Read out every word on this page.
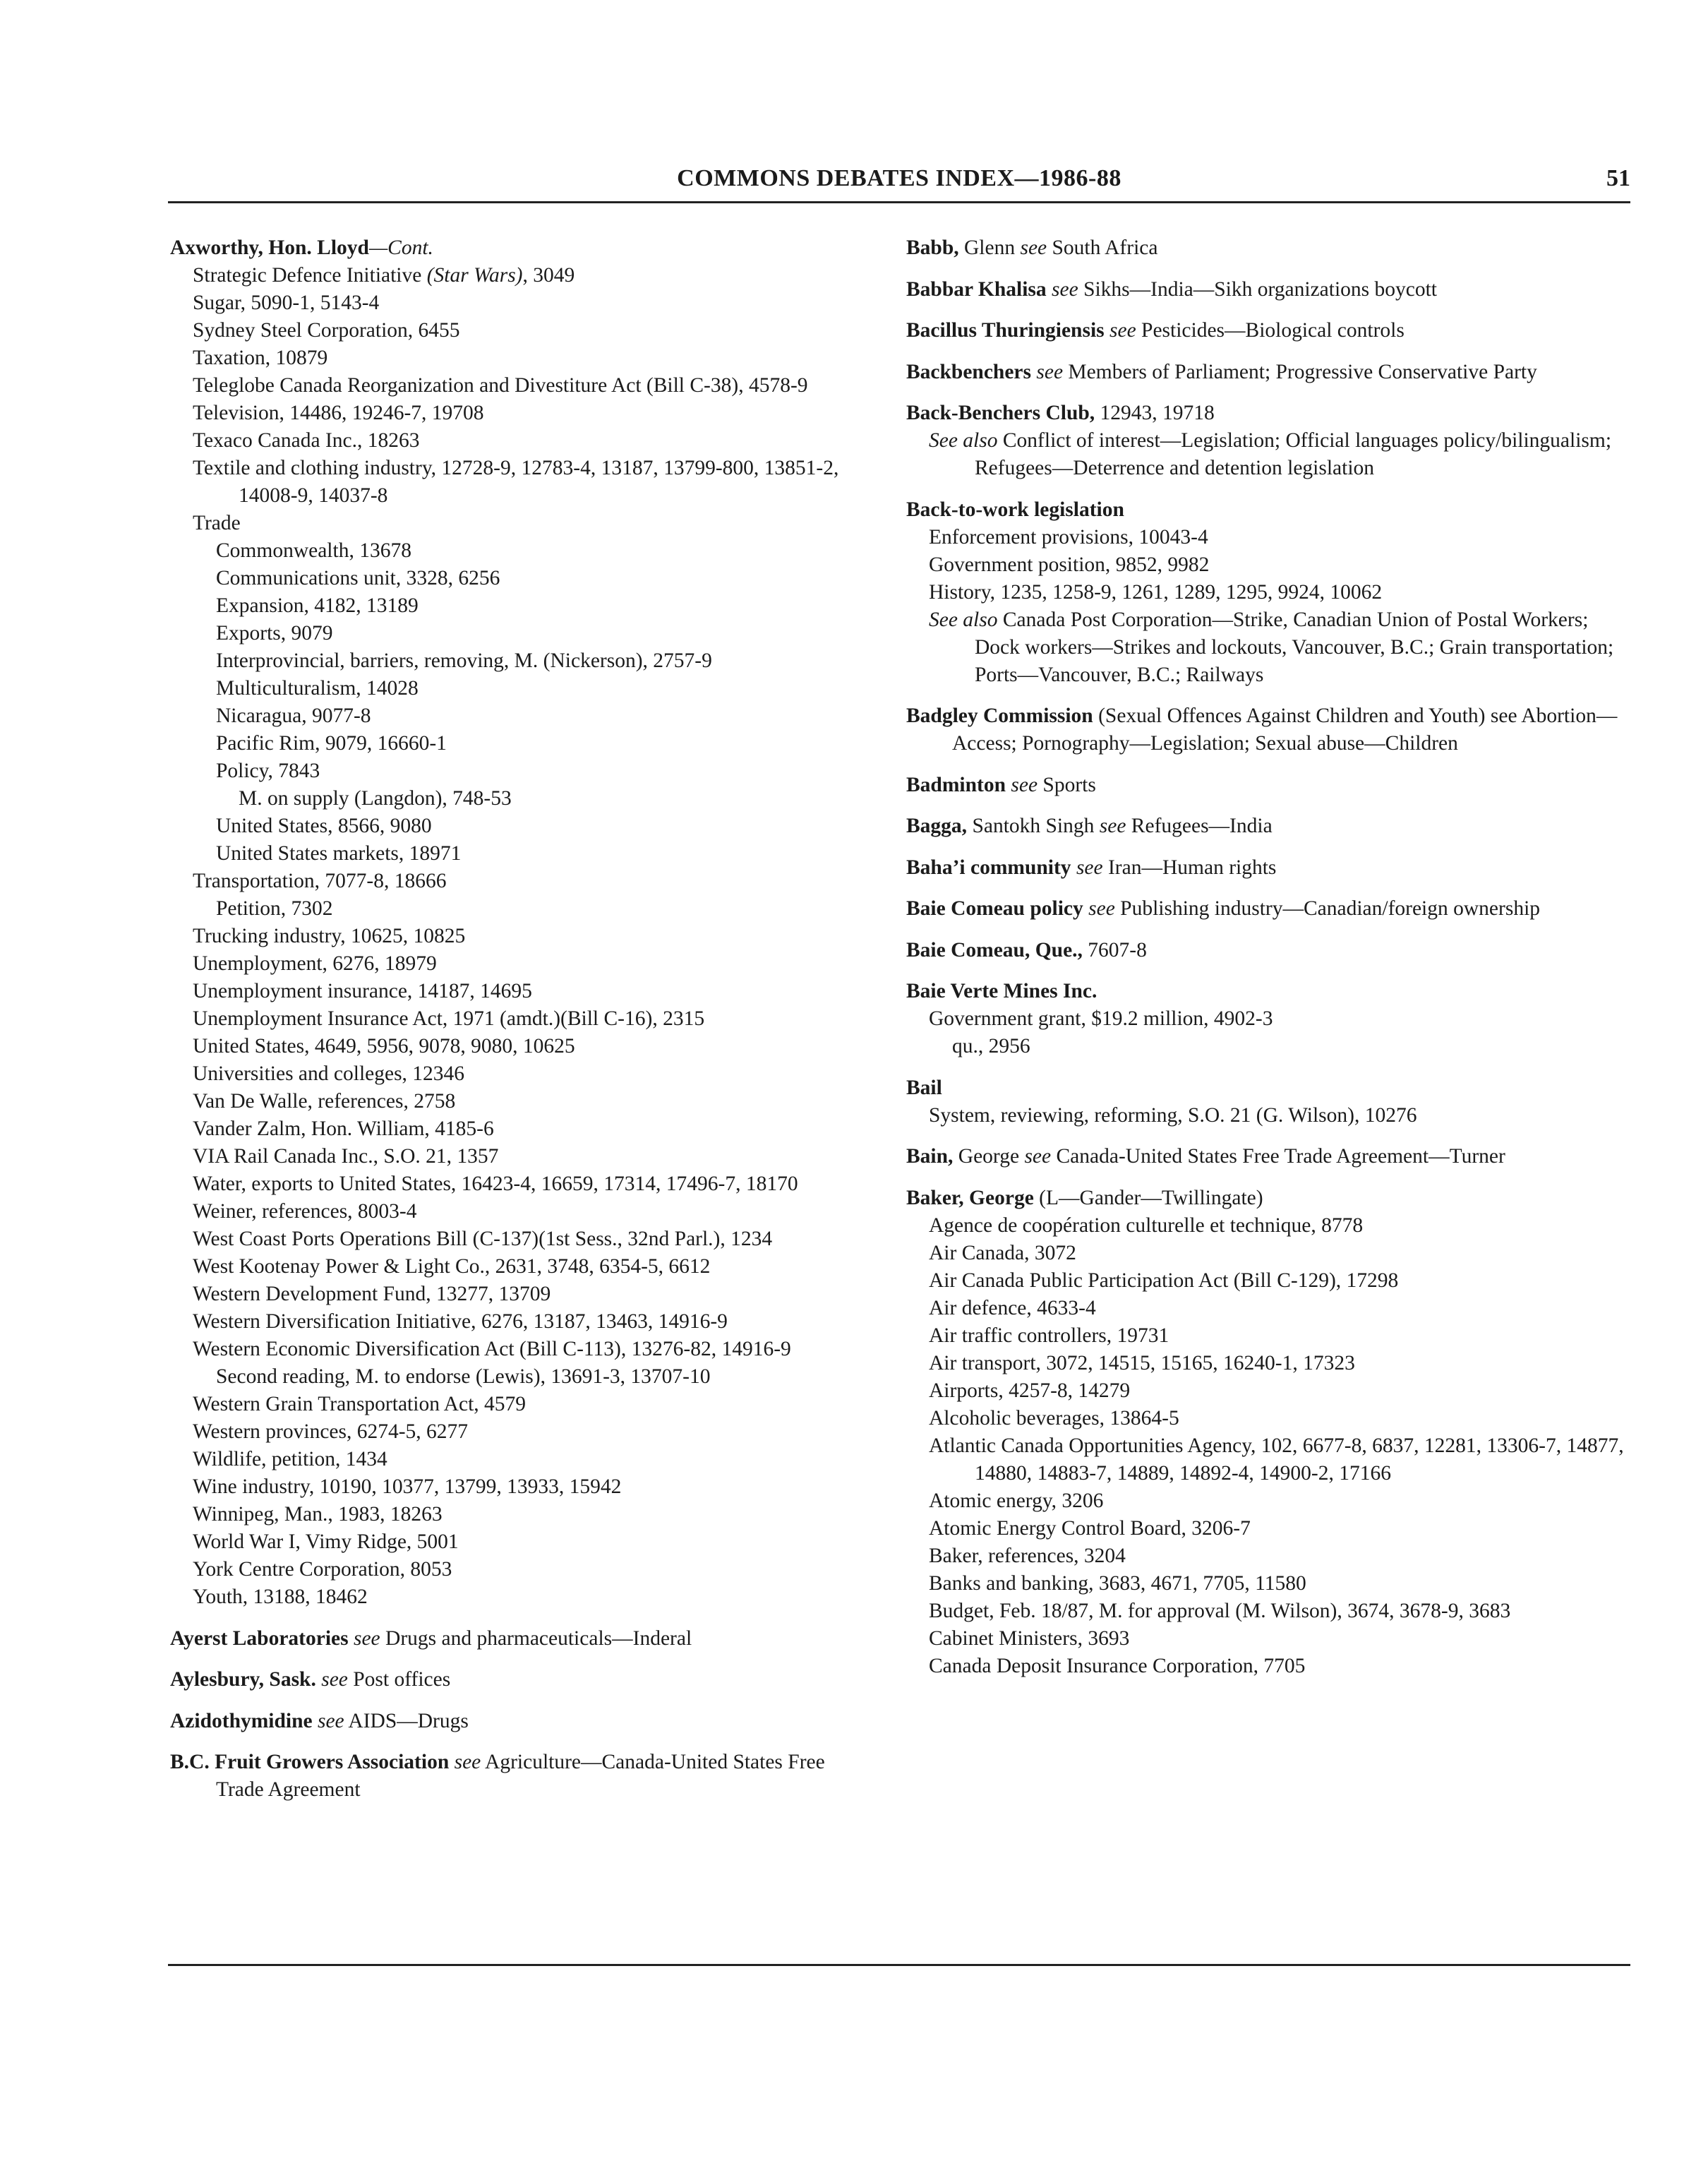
COMMONS DEBATES INDEX—1986-88	51
Axworthy, Hon. Lloyd—Cont.
Strategic Defence Initiative (Star Wars), 3049
Sugar, 5090-1, 5143-4
Sydney Steel Corporation, 6455
Taxation, 10879
Teleglobe Canada Reorganization and Divestiture Act (Bill C-38), 4578-9
Television, 14486, 19246-7, 19708
Texaco Canada Inc., 18263
Textile and clothing industry, 12728-9, 12783-4, 13187, 13799-800, 13851-2, 14008-9, 14037-8
Trade
Commonwealth, 13678
Communications unit, 3328, 6256
Expansion, 4182, 13189
Exports, 9079
Interprovincial, barriers, removing, M. (Nickerson), 2757-9
Multiculturalism, 14028
Nicaragua, 9077-8
Pacific Rim, 9079, 16660-1
Policy, 7843
M. on supply (Langdon), 748-53
United States, 8566, 9080
United States markets, 18971
Transportation, 7077-8, 18666
Petition, 7302
Trucking industry, 10625, 10825
Unemployment, 6276, 18979
Unemployment insurance, 14187, 14695
Unemployment Insurance Act, 1971 (amdt.)(Bill C-16), 2315
United States, 4649, 5956, 9078, 9080, 10625
Universities and colleges, 12346
Van De Walle, references, 2758
Vander Zalm, Hon. William, 4185-6
VIA Rail Canada Inc., S.O. 21, 1357
Water, exports to United States, 16423-4, 16659, 17314, 17496-7, 18170
Weiner, references, 8003-4
West Coast Ports Operations Bill (C-137)(1st Sess., 32nd Parl.), 1234
West Kootenay Power & Light Co., 2631, 3748, 6354-5, 6612
Western Development Fund, 13277, 13709
Western Diversification Initiative, 6276, 13187, 13463, 14916-9
Western Economic Diversification Act (Bill C-113), 13276-82, 14916-9
Second reading, M. to endorse (Lewis), 13691-3, 13707-10
Western Grain Transportation Act, 4579
Western provinces, 6274-5, 6277
Wildlife, petition, 1434
Wine industry, 10190, 10377, 13799, 13933, 15942
Winnipeg, Man., 1983, 18263
World War I, Vimy Ridge, 5001
York Centre Corporation, 8053
Youth, 13188, 18462
Ayerst Laboratories see Drugs and pharmaceuticals—Inderal
Aylesbury, Sask. see Post offices
Azidothymidine see AIDS—Drugs
B.C. Fruit Growers Association see Agriculture—Canada-United States Free Trade Agreement
Babb, Glenn see South Africa
Babbar Khalisa see Sikhs—India—Sikh organizations boycott
Bacillus Thuringiensis see Pesticides—Biological controls
Backbenchers see Members of Parliament; Progressive Conservative Party
Back-Benchers Club, 12943, 19718
See also Conflict of interest—Legislation; Official languages policy/bilingualism; Refugees—Deterrence and detention legislation
Back-to-work legislation
Enforcement provisions, 10043-4
Government position, 9852, 9982
History, 1235, 1258-9, 1261, 1289, 1295, 9924, 10062
See also Canada Post Corporation—Strike, Canadian Union of Postal Workers; Dock workers—Strikes and lockouts, Vancouver, B.C.; Grain transportation; Ports—Vancouver, B.C.; Railways
Badgley Commission (Sexual Offences Against Children and Youth) see Abortion—Access; Pornography—Legislation; Sexual abuse—Children
Badminton see Sports
Bagga, Santokh Singh see Refugees—India
Baha’i community see Iran—Human rights
Baie Comeau policy see Publishing industry—Canadian/foreign ownership
Baie Comeau, Que., 7607-8
Baie Verte Mines Inc.
Government grant, $19.2 million, 4902-3
qu., 2956
Bail
System, reviewing, reforming, S.O. 21 (G. Wilson), 10276
Bain, George see Canada-United States Free Trade Agreement—Turner
Baker, George (L—Gander—Twillingate)
Agence de coopération culturelle et technique, 8778
Air Canada, 3072
Air Canada Public Participation Act (Bill C-129), 17298
Air defence, 4633-4
Air traffic controllers, 19731
Air transport, 3072, 14515, 15165, 16240-1, 17323
Airports, 4257-8, 14279
Alcoholic beverages, 13864-5
Atlantic Canada Opportunities Agency, 102, 6677-8, 6837, 12281, 13306-7, 14877, 14880, 14883-7, 14889, 14892-4, 14900-2, 17166
Atomic energy, 3206
Atomic Energy Control Board, 3206-7
Baker, references, 3204
Banks and banking, 3683, 4671, 7705, 11580
Budget, Feb. 18/87, M. for approval (M. Wilson), 3674, 3678-9, 3683
Cabinet Ministers, 3693
Canada Deposit Insurance Corporation, 7705
